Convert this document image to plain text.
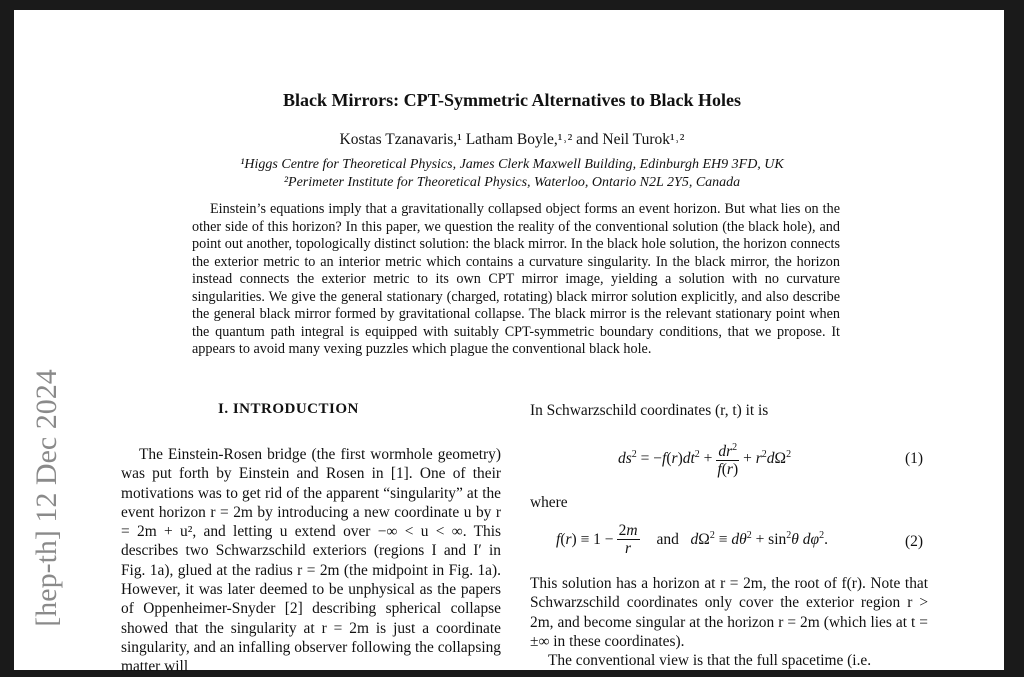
[hep-th] 12 Dec 2024
Black Mirrors: CPT-Symmetric Alternatives to Black Holes
Kostas Tzanavaris,¹ Latham Boyle,¹˒² and Neil Turok¹˒²
¹Higgs Centre for Theoretical Physics, James Clerk Maxwell Building, Edinburgh EH9 3FD, UK
²Perimeter Institute for Theoretical Physics, Waterloo, Ontario N2L 2Y5, Canada

Einstein’s equations imply that a gravitationally collapsed object forms an event horizon. But what lies on the other side of this horizon? In this paper, we question the reality of the conventional solution (the black hole), and point out another, topologically distinct solution: the black mirror. In the black hole solution, the horizon connects the exterior metric to an interior metric which contains a curvature singularity. In the black mirror, the horizon instead connects the exterior metric to its own CPT mirror image, yielding a solution with no curvature singularities. We give the general stationary (charged, rotating) black mirror solution explicitly, and also describe the general black mirror formed by gravitational collapse. The black mirror is the relevant stationary point when the quantum path integral is equipped with suitably CPT-symmetric boundary conditions, that we propose. It appears to avoid many vexing puzzles which plague the conventional black hole.

I. INTRODUCTION

The Einstein-Rosen bridge (the first wormhole geometry) was put forth by Einstein and Rosen in [1]. One of their motivations was to get rid of the apparent “singularity” at the event horizon r = 2m by introducing a new coordinate u by r = 2m + u², and letting u extend over −∞ < u < ∞. This describes two Schwarzschild exteriors (regions I and I′ in Fig. 1a), glued at the radius r = 2m (the midpoint in Fig. 1a). However, it was later deemed to be unphysical as the papers of Oppenheimer-Snyder [2] describing spherical collapse showed that the singularity at r = 2m is just a coordinate singularity, and an infalling observer following the collapsing matter will

In Schwarzschild coordinates (r, t) it is
$ds^2 = -f(r)dt^2 + \frac{dr^2}{f(r)} + r^2d\Omega^2$	(1)
where
$f(r) \equiv 1 - \frac{2m}{r}$ and   $d\Omega^2 \equiv d\theta^2 + \sin^2\theta$ $d\varphi^2$.	(2)
This solution has a horizon at r = 2m, the root of f(r). Note that Schwarzschild coordinates only cover the exterior region r > 2m, and become singular at the horizon r = 2m (which lies at t = ±∞ in these coordinates).
The conventional view is that the full spacetime (i.e.
